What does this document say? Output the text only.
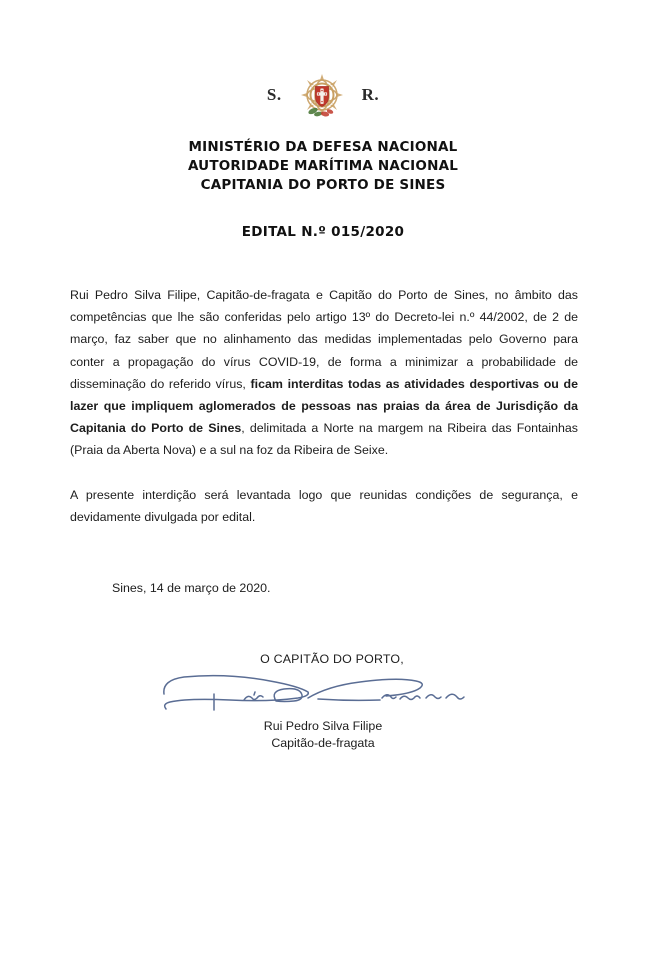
S.	R.
MINISTÉRIO DA DEFESA NACIONAL
AUTORIDADE MARÍTIMA NACIONAL
CAPITANIA DO PORTO DE SINES
EDITAL N.º 015/2020

Rui Pedro Silva Filipe, Capitão-de-fragata e Capitão do Porto de Sines, no âmbito das competências que lhe são conferidas pelo artigo 13º do Decreto-lei n.º 44/2002, de 2 de março, faz saber que no alinhamento das medidas implementadas pelo Governo para conter a propagação do vírus COVID-19, de forma a minimizar a probabilidade de disseminação do referido vírus, ficam interditas todas as atividades desportivas ou de lazer que impliquem aglomerados de pessoas nas praias da área de Jurisdição da Capitania do Porto de Sines, delimitada a Norte na margem na Ribeira das Fontainhas (Praia da Aberta Nova) e a sul na foz da Ribeira de Seixe.

A presente interdição será levantada logo que reunidas condições de segurança, e devidamente divulgada por edital.

Sines, 14 de março de 2020.
O CAPITÃO DO PORTO,
Rui Pedro Silva Filipe
Capitão-de-fragata
